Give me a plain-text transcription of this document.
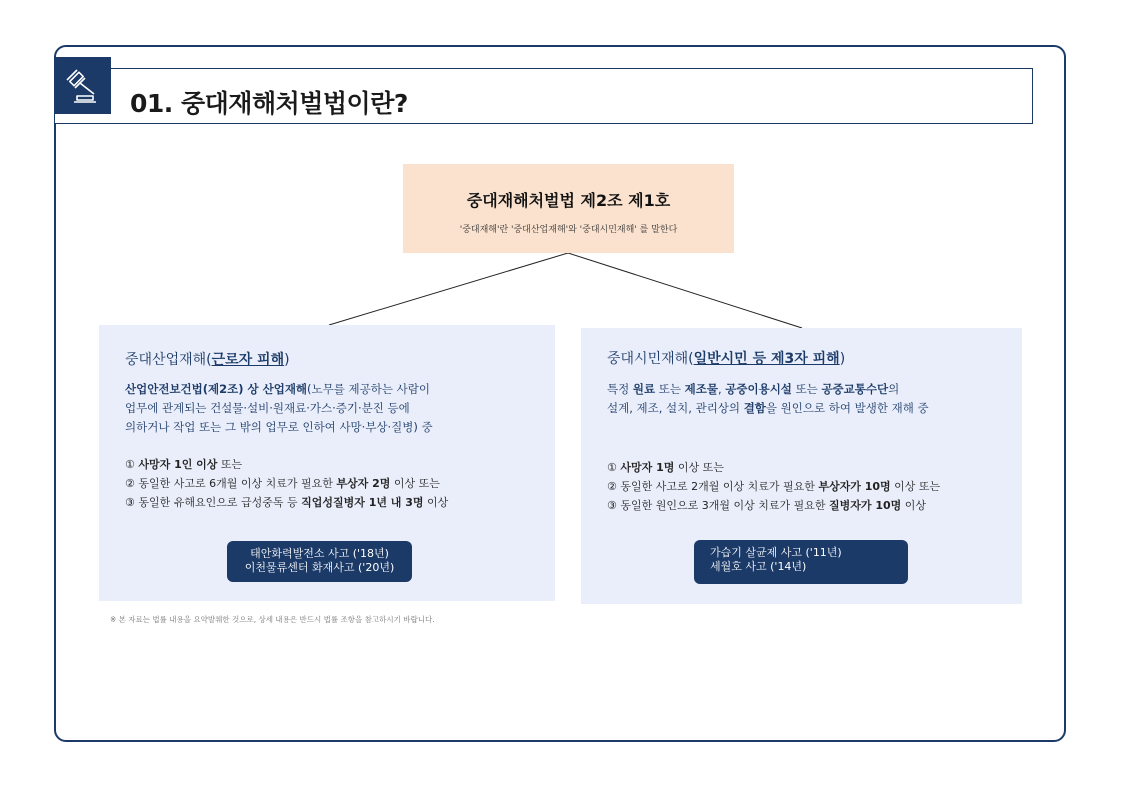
01. 중대재해처벌법이란?
중대재해처벌법 제2조 제1호
'중대재해'란 '중대산업재해'와 '중대시민재해' 를 말한다
중대산업재해(근로자 피해)
산업안전보건법(제2조) 상 산업재해(노무를 제공하는 사람이
업무에 관계되는 건설물·설비·원재료·가스·증기·분진 등에
의하거나 작업 또는 그 밖의 업무로 인하여 사망·부상·질병) 중
① 사망자 1인 이상 또는
② 동일한 사고로 6개월 이상 치료가 필요한 부상자 2명 이상 또는
③ 동일한 유해요인으로 급성중독 등 직업성질병자 1년 내 3명 이상
태안화력발전소 사고 ('18년)
이천물류센터 화재사고 ('20년)
중대시민재해(일반시민 등 제3자 피해)
특정 원료 또는 제조물, 공중이용시설 또는 공중교통수단의
설계, 제조, 설치, 관리상의 결함을 원인으로 하여 발생한 재해 중
① 사망자 1명 이상 또는
② 동일한 사고로 2개월 이상 치료가 필요한 부상자가 10명 이상 또는
③ 동일한 원인으로 3개월 이상 치료가 필요한 질병자가 10명 이상
가습기 살균제 사고 ('11년)
세월호 사고 ('14년)
※ 본 자료는 법률 내용을 요약발췌한 것으로, 상세 내용은 반드시 법률 조항을 참고하시기 바랍니다.
